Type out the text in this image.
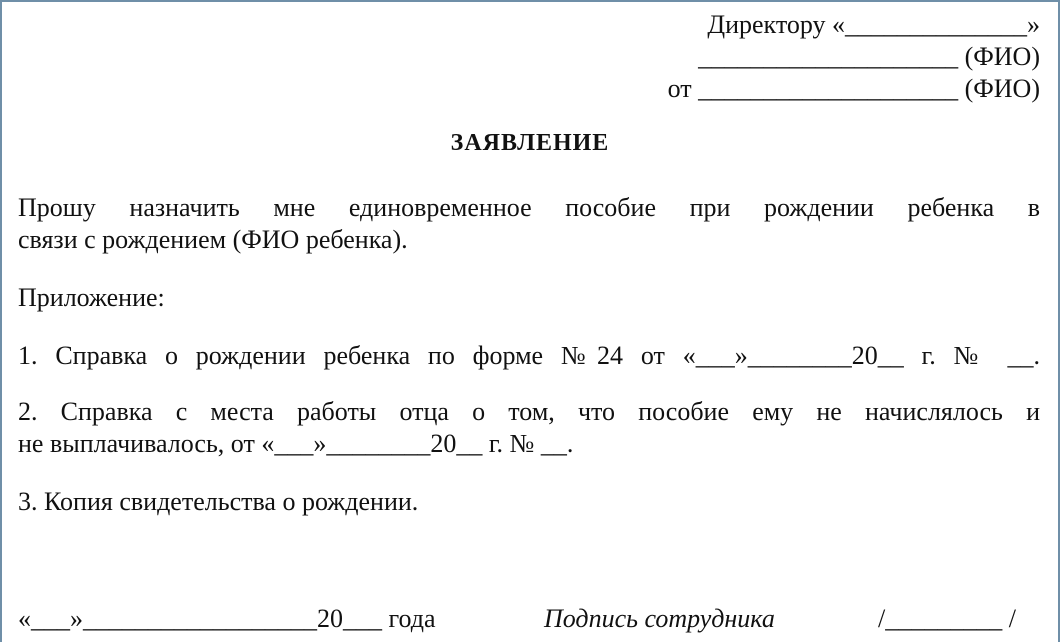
Директору «______________»
____________________ (ФИО)
от ____________________ (ФИО)
ЗАЯВЛЕНИЕ
Прошу назначить мне единовременное пособие при рождении ребенка в
связи с рождением (ФИО ребенка).
Приложение:
1. Справка о рождении ребенка по форме №24 от «___»________20__ г. № __.
2. Справка с места работы отца о том, что пособие ему не начислялось и
не выплачивалось, от «___»________20__ г. № __.
3. Копия свидетельства о рождении.
«___»__________________20___ года	Подпись сотрудника	/_________ /
